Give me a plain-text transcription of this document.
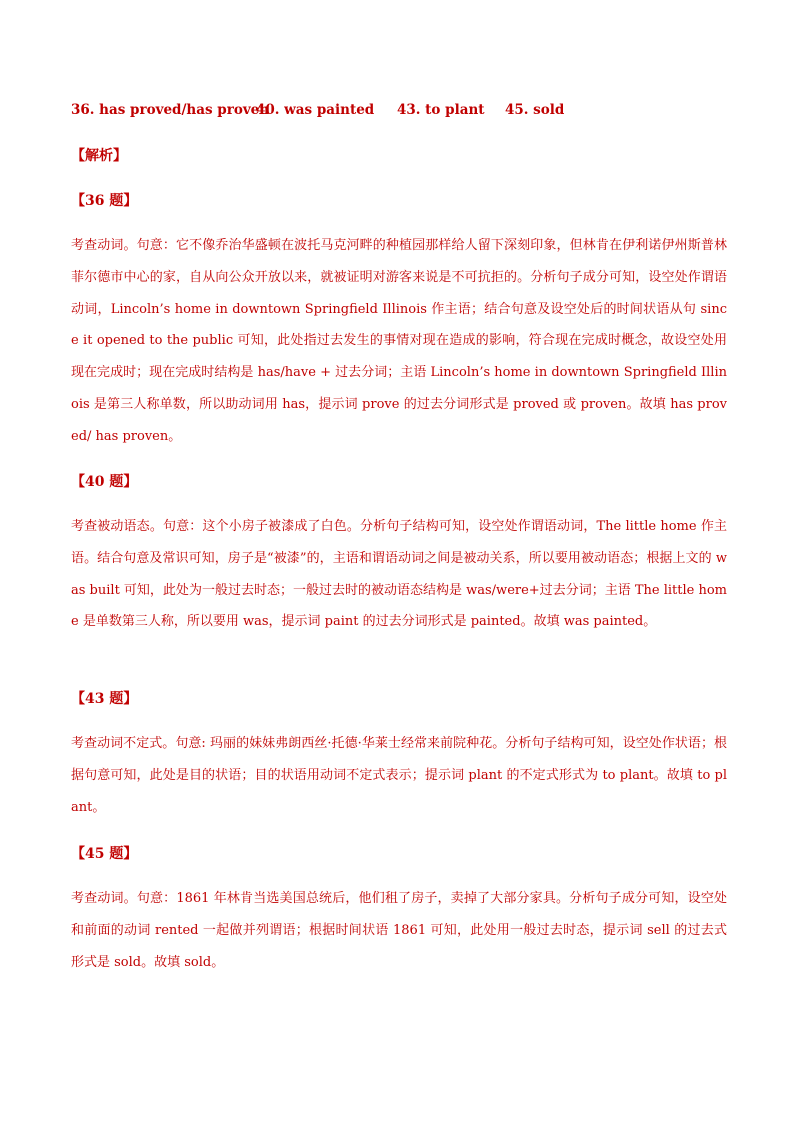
36. has proved/has proven
40. was painted 43. to plant 45. sold
【解析】
【36 题】
考查动词。句意：它不像乔治华盛顿在波托马克河畔的种植园那样给人留下深刻印象，但林肯在伊利诺伊州斯普林菲尔德市中心的家，自从向公众开放以来，就被证明对游客来说是不可抗拒的。分析句子成分可知，设空处作谓语动词，Lincoln’s home in downtown Springfield Illinois 作主语；结合句意及设空处后的时间状语从句 since it opened to the public 可知，此处指过去发生的事情对现在造成的影响，符合现在完成时概念，故设空处用现在完成时；现在完成时结构是 has/have + 过去分词；主语 Lincoln’s home in downtown Springfield Illinois 是第三人称单数，所以助动词用 has，提示词 prove 的过去分词形式是 proved 或 proven。故填 has proved/ has proven。
【40 题】
考查被动语态。句意：这个小房子被漆成了白色。分析句子结构可知，设空处作谓语动词，The little home 作主语。结合句意及常识可知，房子是“被漆”的，主语和谓语动词之间是被动关系，所以要用被动语态；根据上文的 was built 可知，此处为一般过去时态；一般过去时的被动语态结构是 was/were+过去分词；主语 The little home 是单数第三人称，所以要用 was，提示词 paint 的过去分词形式是 painted。故填 was painted。
【43 题】
考查动词不定式。句意: 玛丽的妹妹弗朗西丝·托德·华莱士经常来前院种花。分析句子结构可知，设空处作状语；根据句意可知，此处是目的状语；目的状语用动词不定式表示；提示词 plant 的不定式形式为 to plant。故填 to plant。
【45 题】
考查动词。句意：1861 年林肯当选美国总统后，他们租了房子，卖掉了大部分家具。分析句子成分可知，设空处和前面的动词 rented 一起做并列谓语；根据时间状语 1861 可知，此处用一般过去时态，提示词 sell 的过去式形式是 sold。故填 sold。
